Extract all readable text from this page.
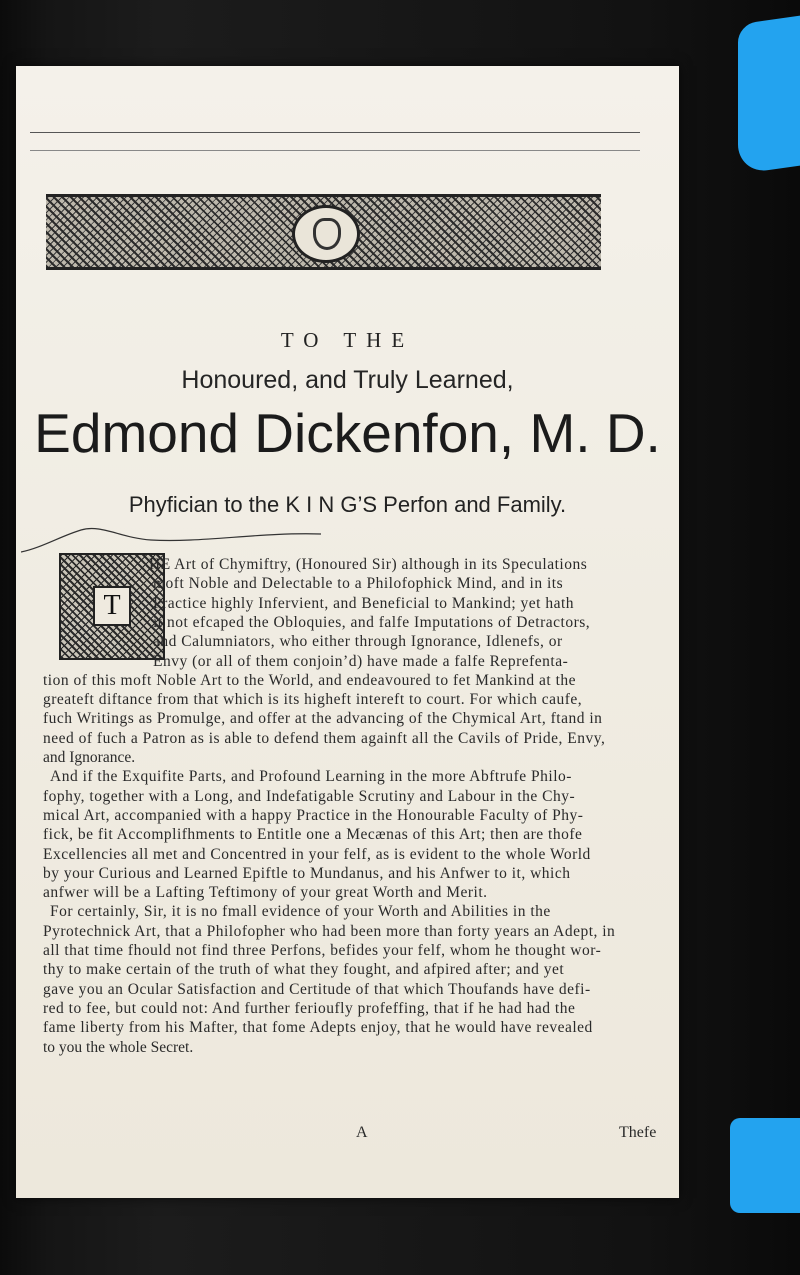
TO THE
Honoured, and Truly Learned,
Edmond Dickenfon, M. D.
Phyfician to the K I N G’S Perfon and Family.
T
HE Art of Chymiftry, (Honoured Sir) although in its Speculations
moft Noble and Delectable to a Philofophick Mind, and in its
Practice highly Infervient, and Beneficial to Mankind; yet hath
it not efcaped the Obloquies, and falfe Imputations of Detractors,
and Calumniators, who either through Ignorance, Idlenefs, or
Envy (or all of them conjoin’d) have made a falfe Reprefenta-
tion of this moft Noble Art to the World, and endeavoured to fet Mankind at the
greateft diftance from that which is its higheft intereft to court. For which caufe,
fuch Writings as Promulge, and offer at the advancing of the Chymical Art, ftand in
need of fuch a Patron as is able to defend them againft all the Cavils of Pride, Envy,
and Ignorance.
And if the Exquifite Parts, and Profound Learning in the more Abftrufe Philo-
fophy, together with a Long, and Indefatigable Scrutiny and Labour in the Chy-
mical Art, accompanied with a happy Practice in the Honourable Faculty of Phy-
fick, be fit Accomplifhments to Entitle one a Mecænas of this Art; then are thofe
Excellencies all met and Concentred in your felf, as is evident to the whole World
by your Curious and Learned Epiftle to Mundanus, and his Anfwer to it, which
anfwer will be a Lafting Teftimony of your great Worth and Merit.
For certainly, Sir, it is no fmall evidence of your Worth and Abilities in the
Pyrotechnick Art, that a Philofopher who had been more than forty years an Adept, in
all that time fhould not find three Perfons, befides your felf, whom he thought wor-
thy to make certain of the truth of what they fought, and afpired after; and yet
gave you an Ocular Satisfaction and Certitude of that which Thoufands have defi-
red to fee, but could not: And further ferioufly profeffing, that if he had had the
fame liberty from his Mafter, that fome Adepts enjoy, that he would have revealed
to you the whole Secret.
A	Thefe
